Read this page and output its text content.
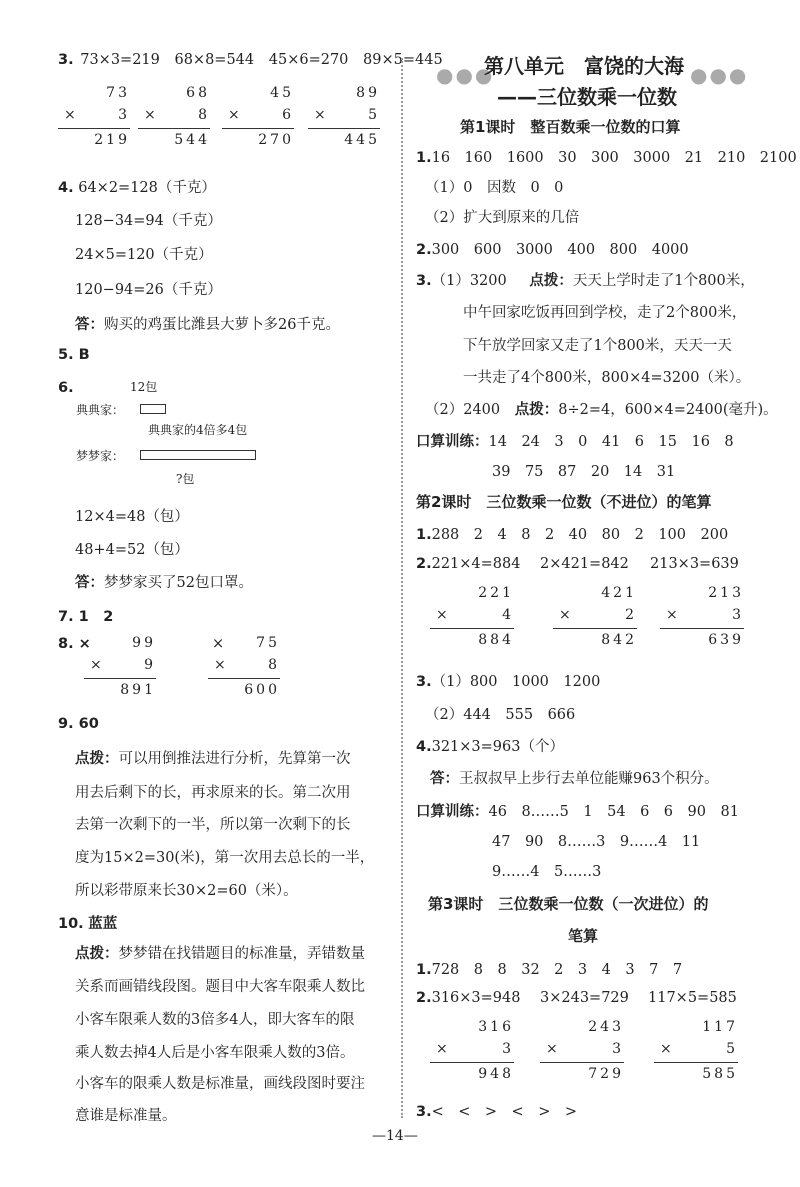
3. 73×3=219 68×8=544 45×6=270 89×5=445
73
×	3
219
68
×	8
544
45
×	6
270
89
×	5
445
4. 64×2=128（千克）
128−34=94（千克）
24×5=120（千克）
120−94=26（千克）
答：购买的鸡蛋比潍县大萝卜多26千克。
5. B
6.	12包
典典家：
典典家的4倍多4包
梦梦家：
?包
12×4=48（包）
48+4=52（包）
答：梦梦家买了52包口罩。
7. 1　2
8. ×	×
99
×	9
891
75
×	8
600
9. 60
点拨：可以用倒推法进行分析，先算第一次
用去后剩下的长，再求原来的长。第二次用
去第一次剩下的一半，所以第一次剩下的长
度为15×2=30(米)，第一次用去总长的一半，
所以彩带原来长30×2=60（米）。
10. 蓝蓝
点拨：梦梦错在找错题目的标准量，弄错数量
关系而画错线段图。题目中大客车限乘人数比
小客车限乘人数的3倍多4人，即大客车的限
乘人数去掉4人后是小客车限乘人数的3倍。
小客车的限乘人数是标准量，画线段图时要注
意谁是标准量。
●●●	●●●
第八单元　富饶的大海
——三位数乘一位数
第1课时　整百数乘一位数的口算
1.16　160　1600　30　300　3000　21　210　2100
（1）0　因数　0　0
（2）扩大到原来的几倍
2.300　600　3000　400　800　4000
3.（1）3200 点拨：天天上学时走了1个800米，
中午回家吃饭再回到学校，走了2个800米，
下午放学回家又走了1个800米，天天一天
一共走了4个800米，800×4=3200（米）。
（2）2400 点拨：8÷2=4，600×4=2400(毫升)。
口算训练：14　24　3　0　41　6　15　16　8
39　75　87　20　14　31
第2课时　三位数乘一位数（不进位）的笔算
1.288　2　4　8　2　40　80　2　100　200
2.221×4=884 2×421=842 213×3=639
221
×	4
884
421
×	2
842
213
×	3
639
3.（1）800　1000　1200
（2）444　555　666
4.321×3=963（个）
答：王叔叔早上步行去单位能赚963个积分。
口算训练：46　8……5　1　54　6　6　90　81
47　90　8……3　9……4　11
9……4　5……3
第3课时　三位数乘一位数（一次进位）的
笔算
1.728　8　8　32　2　3　4　3　7　7
2.316×3=948 3×243=729 117×5=585
316
×	3
948
243
×	3
729
117
×	5
585
3.<　<　>　<　>　>
—14—
